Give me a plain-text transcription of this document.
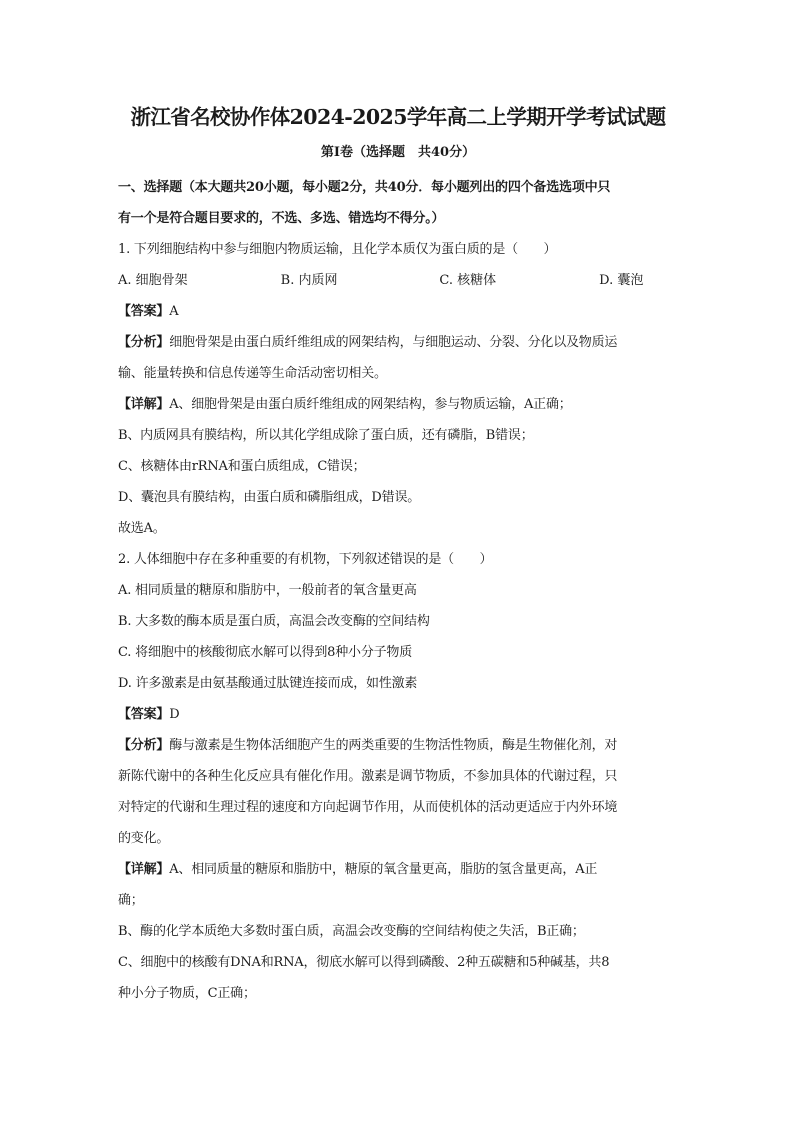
浙江省名校协作体2024-2025学年高二上学期开学考试试题
第Ⅰ卷（选择题　共40分）
一、选择题（本大题共20小题，每小题2分，共40分．每小题列出的四个备选选项中只
有一个是符合题目要求的，不选、多选、错选均不得分。）
1. 下列细胞结构中参与细胞内物质运输，且化学本质仅为蛋白质的是（　　）
A. 细胞骨架	B. 内质网	C. 核糖体	D. 囊泡
【答案】A
【分析】细胞骨架是由蛋白质纤维组成的网架结构，与细胞运动、分裂、分化以及物质运
输、能量转换和信息传递等生命活动密切相关。
【详解】A、细胞骨架是由蛋白质纤维组成的网架结构，参与物质运输，A正确；
B、内质网具有膜结构，所以其化学组成除了蛋白质，还有磷脂，B错误；
C、核糖体由rRNA和蛋白质组成，C错误；
D、囊泡具有膜结构，由蛋白质和磷脂组成，D错误。
故选A。
2. 人体细胞中存在多种重要的有机物，下列叙述错误的是（　　）
A. 相同质量的糖原和脂肪中，一般前者的氧含量更高
B. 大多数的酶本质是蛋白质，高温会改变酶的空间结构
C. 将细胞中的核酸彻底水解可以得到8种小分子物质
D. 许多激素是由氨基酸通过肽键连接而成，如性激素
【答案】D
【分析】酶与激素是生物体活细胞产生的两类重要的生物活性物质，酶是生物催化剂，对
新陈代谢中的各种生化反应具有催化作用。激素是调节物质，不参加具体的代谢过程，只
对特定的代谢和生理过程的速度和方向起调节作用，从而使机体的活动更适应于内外环境
的变化。
【详解】A、相同质量的糖原和脂肪中，糖原的氧含量更高，脂肪的氢含量更高，A正
确；
B、酶的化学本质绝大多数时蛋白质，高温会改变酶的空间结构使之失活，B正确；
C、细胞中的核酸有DNA和RNA，彻底水解可以得到磷酸、2种五碳糖和5种碱基，共8
种小分子物质，C正确；
